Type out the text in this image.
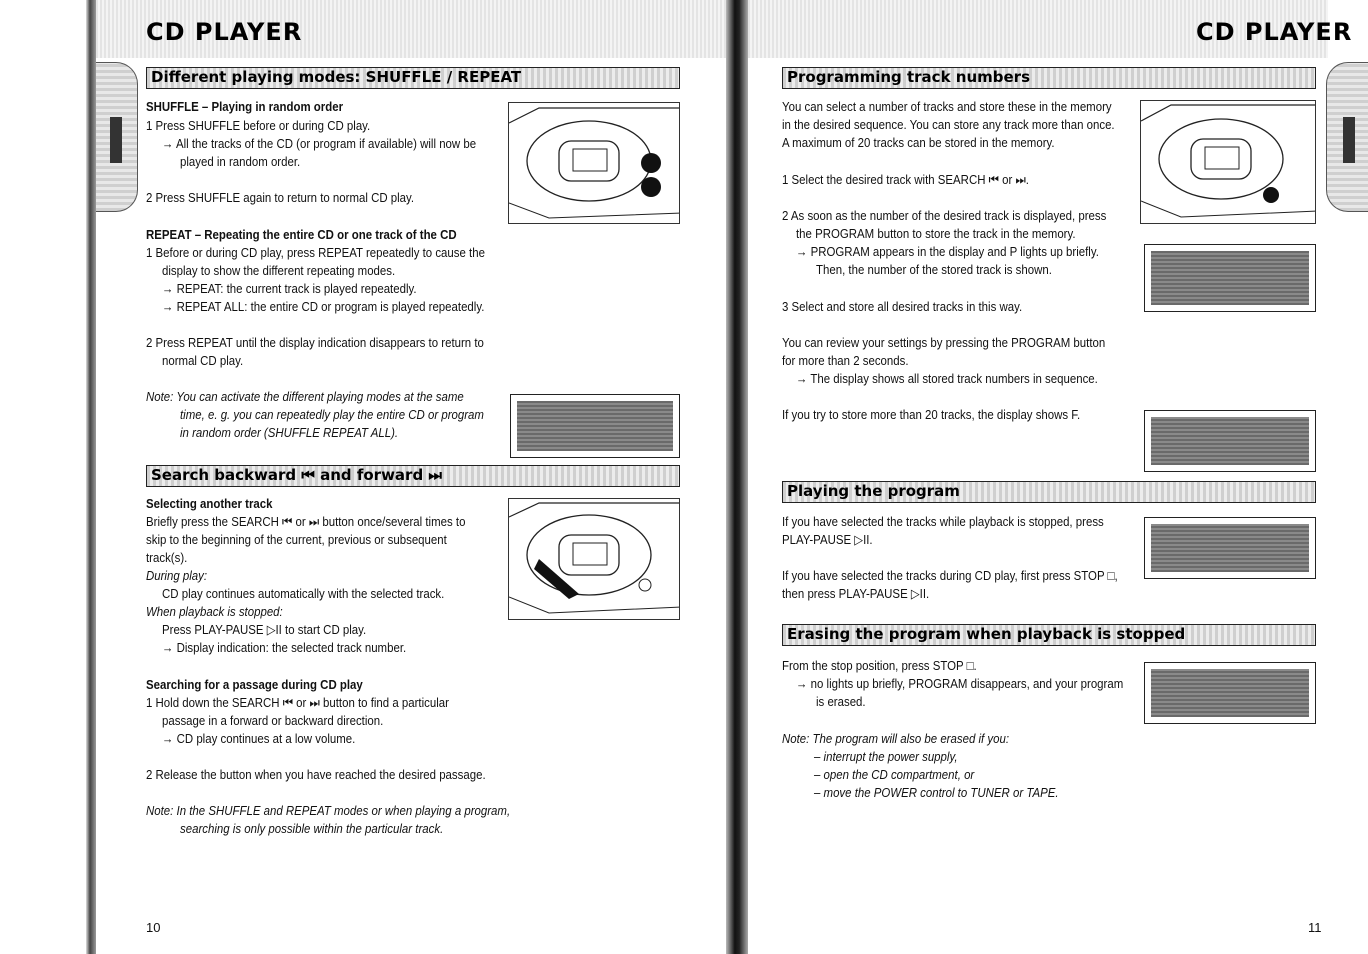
CD PLAYER
Different playing modes: SHUFFLE / REPEAT
SHUFFLE – Playing in random order
1 Press SHUFFLE before or during CD play.
→ All the tracks of the CD (or program if available) will now be
played in random order.
2 Press SHUFFLE again to return to normal CD play.
REPEAT – Repeating the entire CD or one track of the CD
1 Before or during CD play, press REPEAT repeatedly to cause the
display to show the different repeating modes.
→ REPEAT: the current track is played repeatedly.
→ REPEAT ALL: the entire CD or program is played repeatedly.
2 Press REPEAT until the display indication disappears to return to
normal CD play.
Note: You can activate the different playing modes at the same
time, e. g. you can repeatedly play the entire CD or program
in random order (SHUFFLE REPEAT ALL).
Search backward ⏮ and forward ⏭
Selecting another track
Briefly press the SEARCH ⏮ or ⏭ button once/several times to
skip to the beginning of the current, previous or subsequent
track(s).
During play:
CD play continues automatically with the selected track.
When playback is stopped:
Press PLAY-PAUSE ▷II to start CD play.
→ Display indication: the selected track number.
Searching for a passage during CD play
1 Hold down the SEARCH ⏮ or ⏭ button to find a particular
passage in a forward or backward direction.
→ CD play continues at a low volume.
2 Release the button when you have reached the desired passage.
Note: In the SHUFFLE and REPEAT modes or when playing a program,
searching is only possible within the particular track.
10
CD PLAYER
Programming track numbers
You can select a number of tracks and store these in the memory
in the desired sequence. You can store any track more than once.
A maximum of 20 tracks can be stored in the memory.
1 Select the desired track with SEARCH ⏮ or ⏭.
2 As soon as the number of the desired track is displayed, press
the PROGRAM button to store the track in the memory.
→ PROGRAM appears in the display and P lights up briefly.
Then, the number of the stored track is shown.
3 Select and store all desired tracks in this way.
You can review your settings by pressing the PROGRAM button
for more than 2 seconds.
→ The display shows all stored track numbers in sequence.
If you try to store more than 20 tracks, the display shows F.
Playing the program
If you have selected the tracks while playback is stopped, press
PLAY-PAUSE ▷II.
If you have selected the tracks during CD play, first press STOP □,
then press PLAY-PAUSE ▷II.
Erasing the program when playback is stopped
From the stop position, press STOP □.
→ no lights up briefly, PROGRAM disappears, and your program
is erased.
Note: The program will also be erased if you:
– interrupt the power supply,
– open the CD compartment, or
– move the POWER control to TUNER or TAPE.
11
